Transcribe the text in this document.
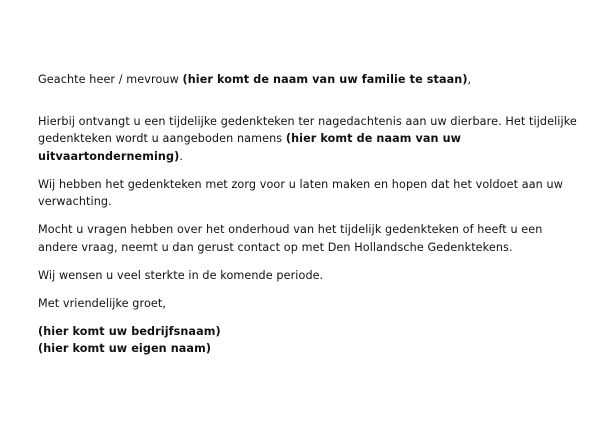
Geachte heer / mevrouw (hier komt de naam van uw familie te staan),

Hierbij ontvangt u een tijdelijke gedenkteken ter nagedachtenis aan uw dierbare. Het tijdelijke gedenkteken wordt u aangeboden namens (hier komt de naam van uw uitvaartonderneming).

Wij hebben het gedenkteken met zorg voor u laten maken en hopen dat het voldoet aan uw verwachting.

Mocht u vragen hebben over het onderhoud van het tijdelijk gedenkteken of heeft u een andere vraag, neemt u dan gerust contact op met Den Hollandsche Gedenktekens.

Wij wensen u veel sterkte in de komende periode.

Met vriendelijke groet,

(hier komt uw bedrijfsnaam)

(hier komt uw eigen naam)
